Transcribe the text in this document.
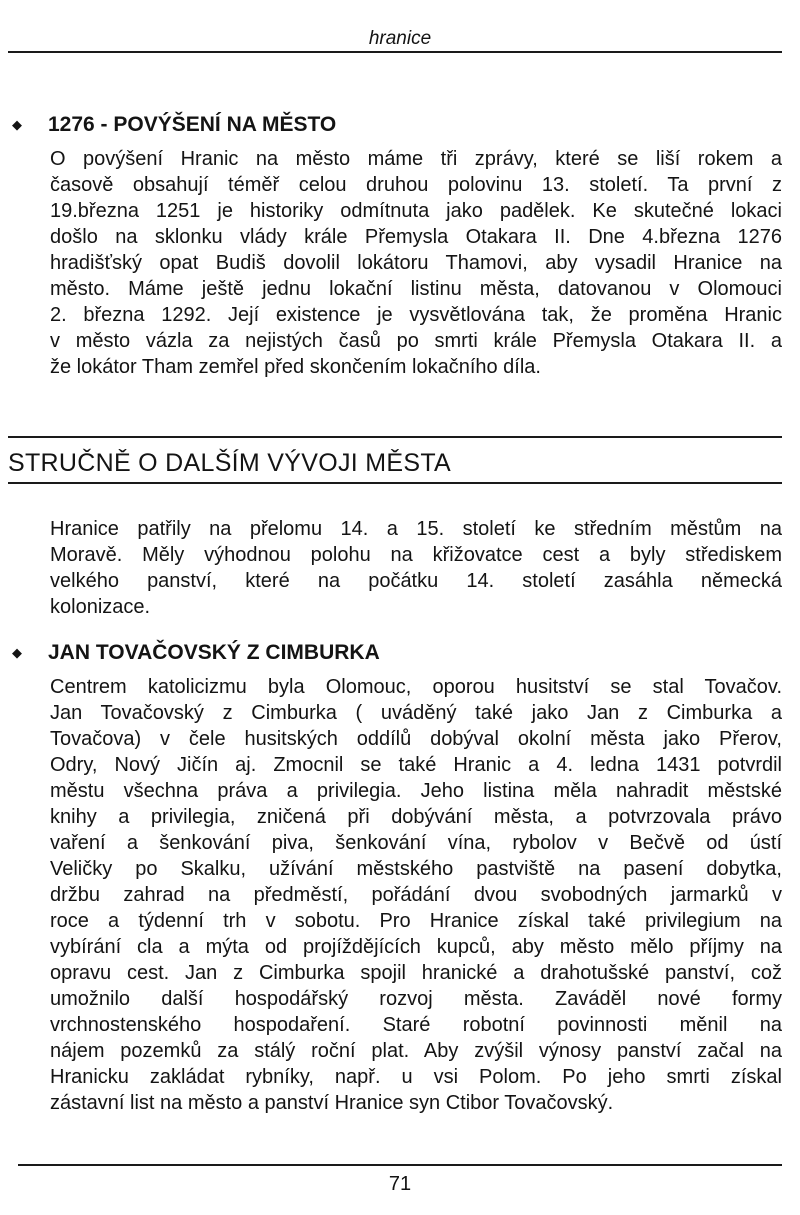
hranice
◆	1276 - POVÝŠENÍ NA MĚSTO
O povýšení Hranic na město máme tři zprávy, které se liší rokem a
časově obsahují téměř celou druhou polovinu 13. století. Ta první z
19.března 1251 je historiky odmítnuta jako padělek. Ke skutečné lokaci
došlo na sklonku vlády krále Přemysla Otakara II. Dne 4.března 1276
hradišťský opat Budiš dovolil lokátoru Thamovi, aby vysadil Hranice na
město. Máme ještě jednu lokační listinu města, datovanou v Olomouci
2. března 1292. Její existence je vysvětlována tak, že proměna Hranic
v město vázla za nejistých časů po smrti krále Přemysla Otakara II. a
že lokátor Tham zemřel před skončením lokačního díla.
STRUČNĚ O DALŠÍM VÝVOJI MĚSTA
Hranice patřily na přelomu 14. a 15. století ke středním městům na
Moravě. Měly výhodnou polohu na křižovatce cest a byly střediskem
velkého panství, které na počátku 14. století zasáhla německá
kolonizace.
◆	JAN TOVAČOVSKÝ Z CIMBURKA
Centrem katolicizmu byla Olomouc, oporou husitství se stal Tovačov.
Jan Tovačovský z Cimburka ( uváděný také jako Jan z Cimburka a
Tovačova) v čele husitských oddílů dobýval okolní města jako Přerov,
Odry, Nový Jičín aj. Zmocnil se také Hranic a 4. ledna 1431 potvrdil
městu všechna práva a privilegia. Jeho listina měla nahradit městské
knihy a privilegia, zničená při dobývání města, a potvrzovala právo
vaření a šenkování piva, šenkování vína, rybolov v Bečvě od ústí
Veličky po Skalku, užívání městského pastviště na pasení dobytka,
držbu zahrad na předměstí, pořádání dvou svobodných jarmarků v
roce a týdenní trh v sobotu. Pro Hranice získal také privilegium na
vybírání cla a mýta od projíždějících kupců, aby město mělo příjmy na
opravu cest. Jan z Cimburka spojil hranické a drahotušské panství, což
umožnilo další hospodářský rozvoj města. Zaváděl nové formy
vrchnostenského hospodaření. Staré robotní povinnosti měnil na
nájem pozemků za stálý roční plat. Aby zvýšil výnosy panství začal na
Hranicku zakládat rybníky, např. u vsi Polom. Po jeho smrti získal
zástavní list na město a panství Hranice syn Ctibor Tovačovský.
71
